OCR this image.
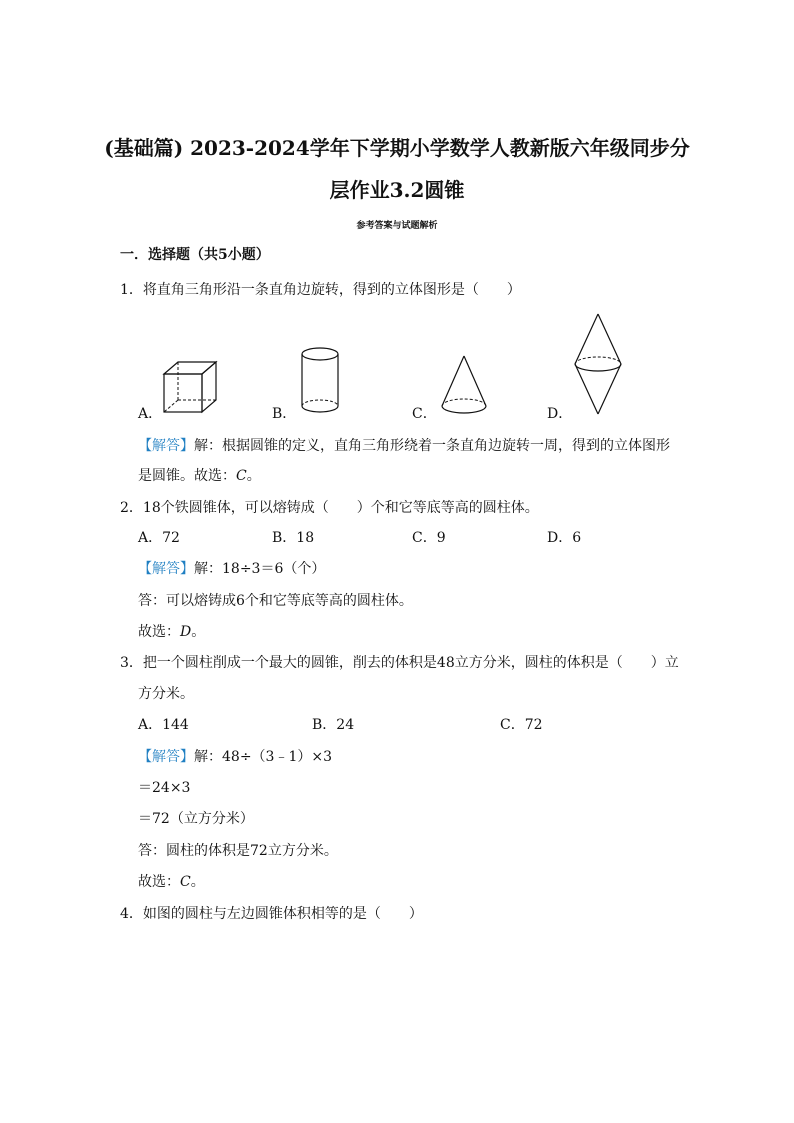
(基础篇) 2023-2024学年下学期小学数学人教新版六年级同步分
层作业3.2圆锥
参考答案与试题解析
一．选择题（共5小题）
1．将直角三角形沿一条直角边旋转，得到的立体图形是（　　）
A．	B．	C．	D．
【解答】解：根据圆锥的定义，直角三角形绕着一条直角边旋转一周，得到的立体图形
是圆锥。故选：C。
2．18个铁圆锥体，可以熔铸成（　　）个和它等底等高的圆柱体。
A．72	B．18	C．9	D．6
【解答】解：18÷3＝6（个）
答：可以熔铸成6个和它等底等高的圆柱体。
故选：D。
3．把一个圆柱削成一个最大的圆锥，削去的体积是48立方分米，圆柱的体积是（　　）立
方分米。
A．144	B．24	C．72
【解答】解：48÷（3﹣1）×3
＝24×3
＝72（立方分米）
答：圆柱的体积是72立方分米。
故选：C。
4．如图的圆柱与左边圆锥体积相等的是（　　）
